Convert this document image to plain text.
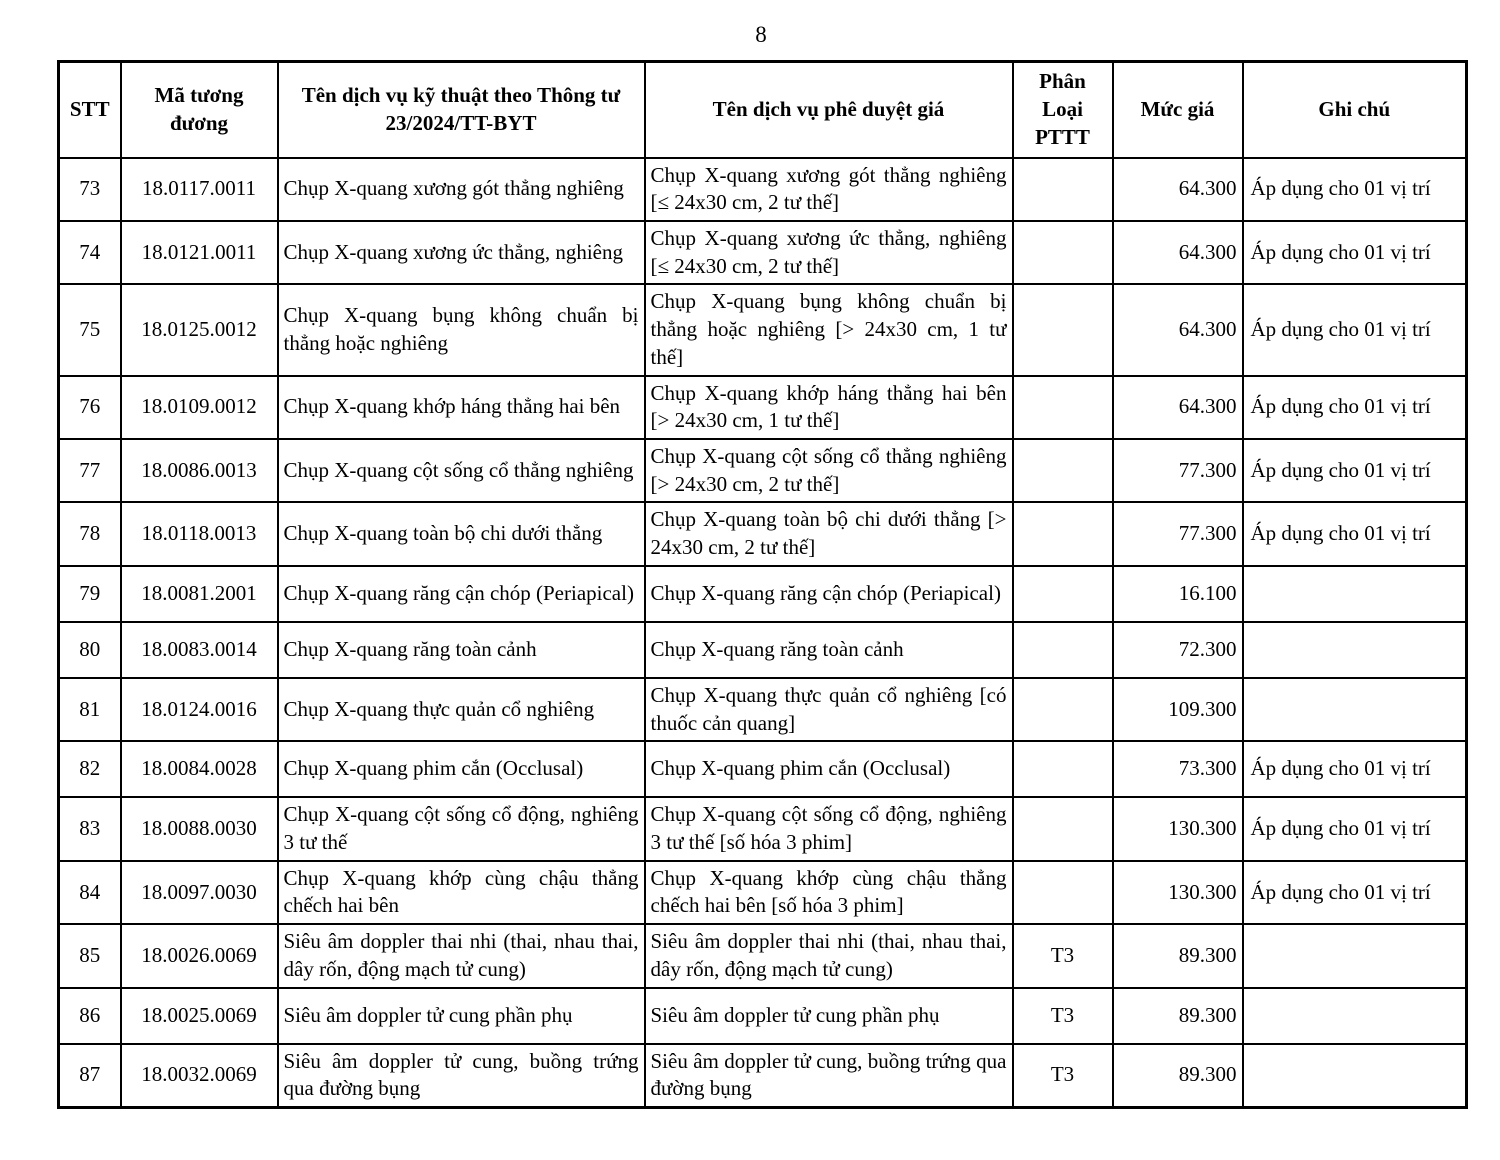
8
STT	Mã tương đương	Tên dịch vụ kỹ thuật theo Thông tư 23/2024/TT-BYT	Tên dịch vụ phê duyệt giá	Phân Loại PTTT	Mức giá	Ghi chú
73	18.0117.0011	Chụp X-quang xương gót thẳng nghiêng	Chụp X-quang xương gót thẳng nghiêng [≤ 24x30 cm, 2 tư thế]		64.300	Áp dụng cho 01 vị trí
74	18.0121.0011	Chụp X-quang xương ức thẳng, nghiêng	Chụp X-quang xương ức thẳng, nghiêng [≤ 24x30 cm, 2 tư thế]		64.300	Áp dụng cho 01 vị trí
75	18.0125.0012	Chụp X-quang bụng không chuẩn bị thẳng hoặc nghiêng	Chụp X-quang bụng không chuẩn bị thẳng hoặc nghiêng [> 24x30 cm, 1 tư thế]		64.300	Áp dụng cho 01 vị trí
76	18.0109.0012	Chụp X-quang khớp háng thẳng hai bên	Chụp X-quang khớp háng thẳng hai bên [> 24x30 cm, 1 tư thế]		64.300	Áp dụng cho 01 vị trí
77	18.0086.0013	Chụp X-quang cột sống cổ thẳng nghiêng	Chụp X-quang cột sống cổ thẳng nghiêng [> 24x30 cm, 2 tư thế]		77.300	Áp dụng cho 01 vị trí
78	18.0118.0013	Chụp X-quang toàn bộ chi dưới thẳng	Chụp X-quang toàn bộ chi dưới thẳng [> 24x30 cm, 2 tư thế]		77.300	Áp dụng cho 01 vị trí
79	18.0081.2001	Chụp X-quang răng cận chóp (Periapical)	Chụp X-quang răng cận chóp (Periapical)		16.100	
80	18.0083.0014	Chụp X-quang răng toàn cảnh	Chụp X-quang răng toàn cảnh		72.300	
81	18.0124.0016	Chụp X-quang thực quản cổ nghiêng	Chụp X-quang thực quản cổ nghiêng [có thuốc cản quang]		109.300	
82	18.0084.0028	Chụp X-quang phim cắn (Occlusal)	Chụp X-quang phim cắn (Occlusal)		73.300	Áp dụng cho 01 vị trí
83	18.0088.0030	Chụp X-quang cột sống cổ động, nghiêng 3 tư thế	Chụp X-quang cột sống cổ động, nghiêng 3 tư thế [số hóa 3 phim]		130.300	Áp dụng cho 01 vị trí
84	18.0097.0030	Chụp X-quang khớp cùng chậu thẳng chếch hai bên	Chụp X-quang khớp cùng chậu thẳng chếch hai bên [số hóa 3 phim]		130.300	Áp dụng cho 01 vị trí
85	18.0026.0069	Siêu âm doppler thai nhi (thai, nhau thai, dây rốn, động mạch tử cung)	Siêu âm doppler thai nhi (thai, nhau thai, dây rốn, động mạch tử cung)	T3	89.300	
86	18.0025.0069	Siêu âm doppler tử cung phần phụ	Siêu âm doppler tử cung phần phụ	T3	89.300	
87	18.0032.0069	Siêu âm doppler tử cung, buồng trứng qua đường bụng	Siêu âm doppler tử cung, buồng trứng qua đường bụng	T3	89.300	
